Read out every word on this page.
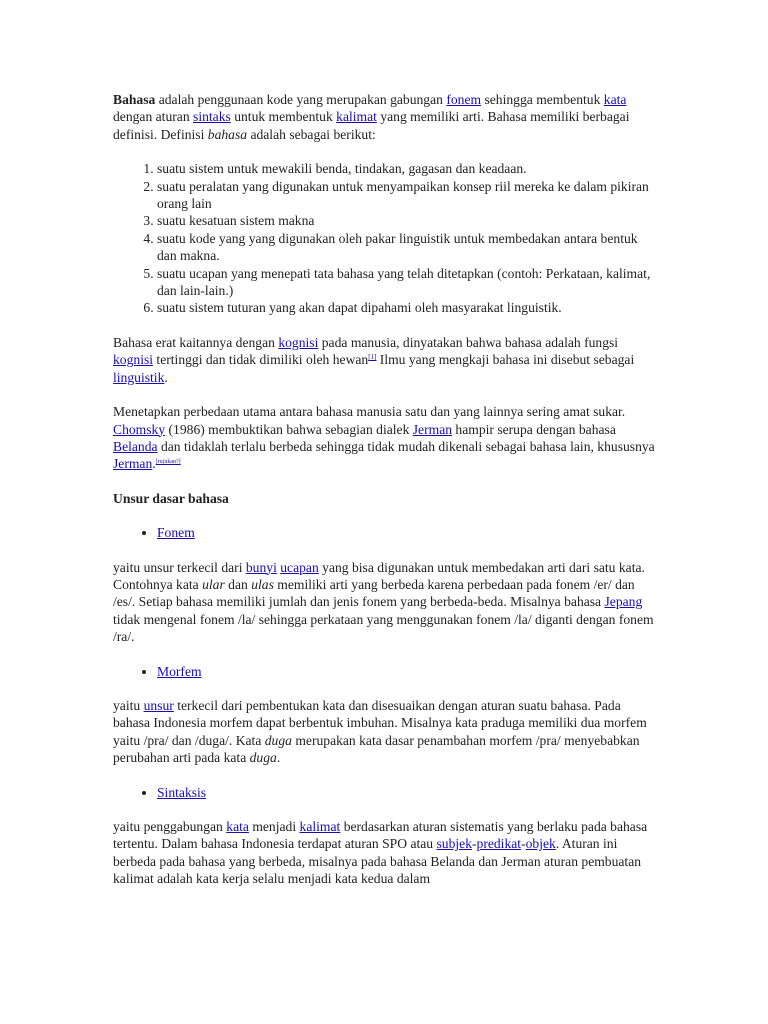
Bahasa adalah penggunaan kode yang merupakan gabungan fonem sehingga membentuk kata dengan aturan sintaks untuk membentuk kalimat yang memiliki arti. Bahasa memiliki berbagai definisi. Definisi bahasa adalah sebagai berikut:

1. suatu sistem untuk mewakili benda, tindakan, gagasan dan keadaan.
2. suatu peralatan yang digunakan untuk menyampaikan konsep riil mereka ke dalam pikiran orang lain
3. suatu kesatuan sistem makna
4. suatu kode yang yang digunakan oleh pakar linguistik untuk membedakan antara bentuk dan makna.
5. suatu ucapan yang menepati tata bahasa yang telah ditetapkan (contoh: Perkataan, kalimat, dan lain-lain.)
6. suatu sistem tuturan yang akan dapat dipahami oleh masyarakat linguistik.

Bahasa erat kaitannya dengan kognisi pada manusia, dinyatakan bahwa bahasa adalah fungsi kognisi tertinggi dan tidak dimiliki oleh hewan[1] Ilmu yang mengkaji bahasa ini disebut sebagai linguistik.

Menetapkan perbedaan utama antara bahasa manusia satu dan yang lainnya sering amat sukar. Chomsky (1986) membuktikan bahwa sebagian dialek Jerman hampir serupa dengan bahasa Belanda dan tidaklah terlalu berbeda sehingga tidak mudah dikenali sebagai bahasa lain, khususnya Jerman.[rujukan?]

Unsur dasar bahasa
• Fonem

yaitu unsur terkecil dari bunyi ucapan yang bisa digunakan untuk membedakan arti dari satu kata. Contohnya kata ular dan ulas memiliki arti yang berbeda karena perbedaan pada fonem /er/ dan /es/. Setiap bahasa memiliki jumlah dan jenis fonem yang berbeda-beda. Misalnya bahasa Jepang tidak mengenal fonem /la/ sehingga perkataan yang menggunakan fonem /la/ diganti dengan fonem /ra/.

• Morfem

yaitu unsur terkecil dari pembentukan kata dan disesuaikan dengan aturan suatu bahasa. Pada bahasa Indonesia morfem dapat berbentuk imbuhan. Misalnya kata praduga memiliki dua morfem yaitu /pra/ dan /duga/. Kata duga merupakan kata dasar penambahan morfem /pra/ menyebabkan perubahan arti pada kata duga.

• Sintaksis

yaitu penggabungan kata menjadi kalimat berdasarkan aturan sistematis yang berlaku pada bahasa tertentu. Dalam bahasa Indonesia terdapat aturan SPO atau subjek-predikat-objek. Aturan ini berbeda pada bahasa yang berbeda, misalnya pada bahasa Belanda dan Jerman aturan pembuatan kalimat adalah kata kerja selalu menjadi kata kedua dalam
